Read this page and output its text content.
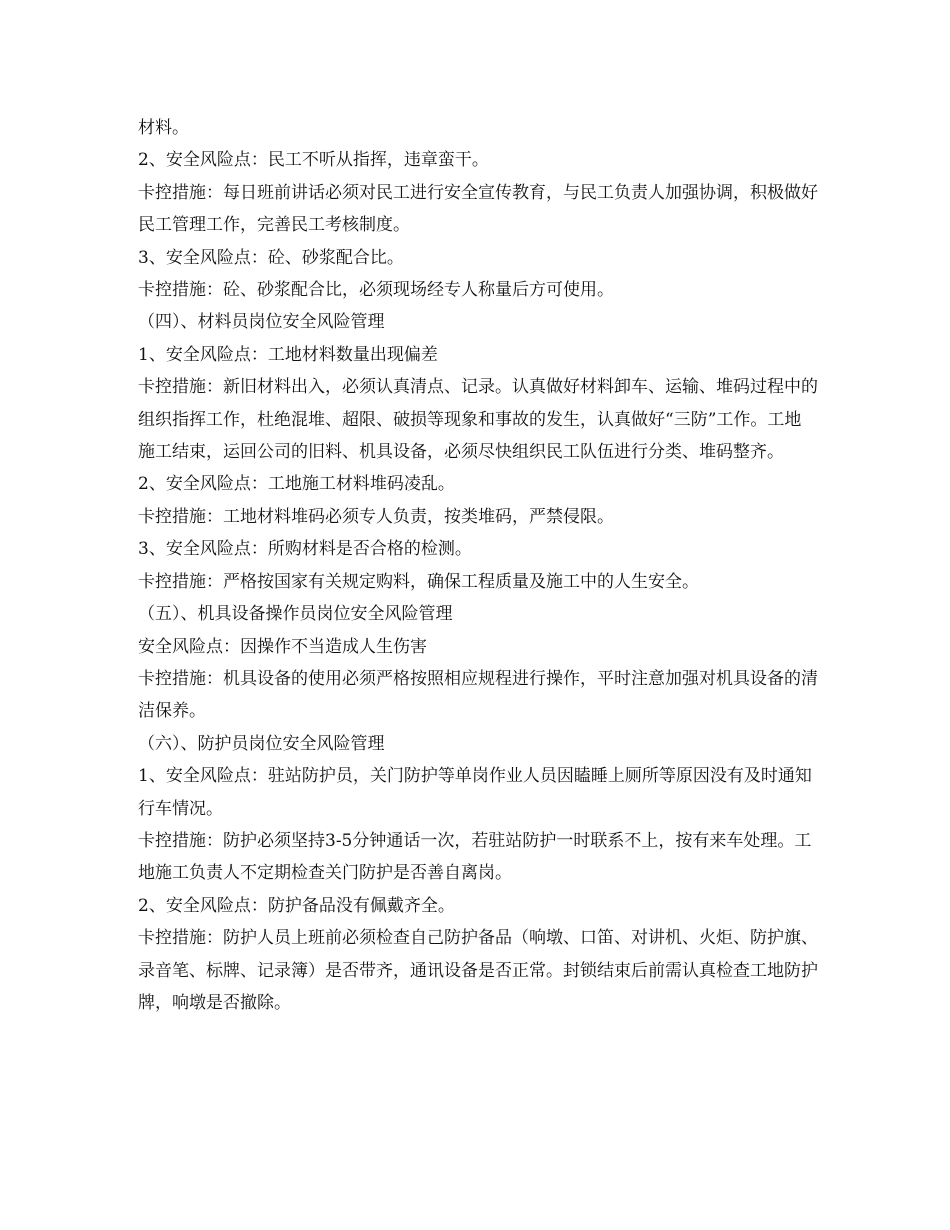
材料。

2、安全风险点：民工不听从指挥，违章蛮干。

卡控措施：每日班前讲话必须对民工进行安全宣传教育，与民工负责人加强协调，积极做好民工管理工作，完善民工考核制度。

3、安全风险点：砼、砂浆配合比。

卡控措施：砼、砂浆配合比，必须现场经专人称量后方可使用。

（四）、材料员岗位安全风险管理

1、安全风险点：工地材料数量出现偏差

卡控措施：新旧材料出入，必须认真清点、记录。认真做好材料卸车、运输、堆码过程中的组织指挥工作，杜绝混堆、超限、破损等现象和事故的发生，认真做好“三防”工作。工地施工结束，运回公司的旧料、机具设备，必须尽快组织民工队伍进行分类、堆码整齐。

2、安全风险点：工地施工材料堆码凌乱。

卡控措施：工地材料堆码必须专人负责，按类堆码，严禁侵限。

3、安全风险点：所购材料是否合格的检测。

卡控措施：严格按国家有关规定购料，确保工程质量及施工中的人生安全。

（五）、机具设备操作员岗位安全风险管理

安全风险点：因操作不当造成人生伤害

卡控措施：机具设备的使用必须严格按照相应规程进行操作，平时注意加强对机具设备的清洁保养。

（六）、防护员岗位安全风险管理

1、安全风险点：驻站防护员，关门防护等单岗作业人员因瞌睡上厕所等原因没有及时通知行车情况。

卡控措施：防护必须坚持3-5分钟通话一次，若驻站防护一时联系不上，按有来车处理。工地施工负责人不定期检查关门防护是否善自离岗。

2、安全风险点：防护备品没有佩戴齐全。

卡控措施：防护人员上班前必须检查自己防护备品（响墩、口笛、对讲机、火炬、防护旗、录音笔、标牌、记录簿）是否带齐，通讯设备是否正常。封锁结束后前需认真检查工地防护牌，响墩是否撤除。
